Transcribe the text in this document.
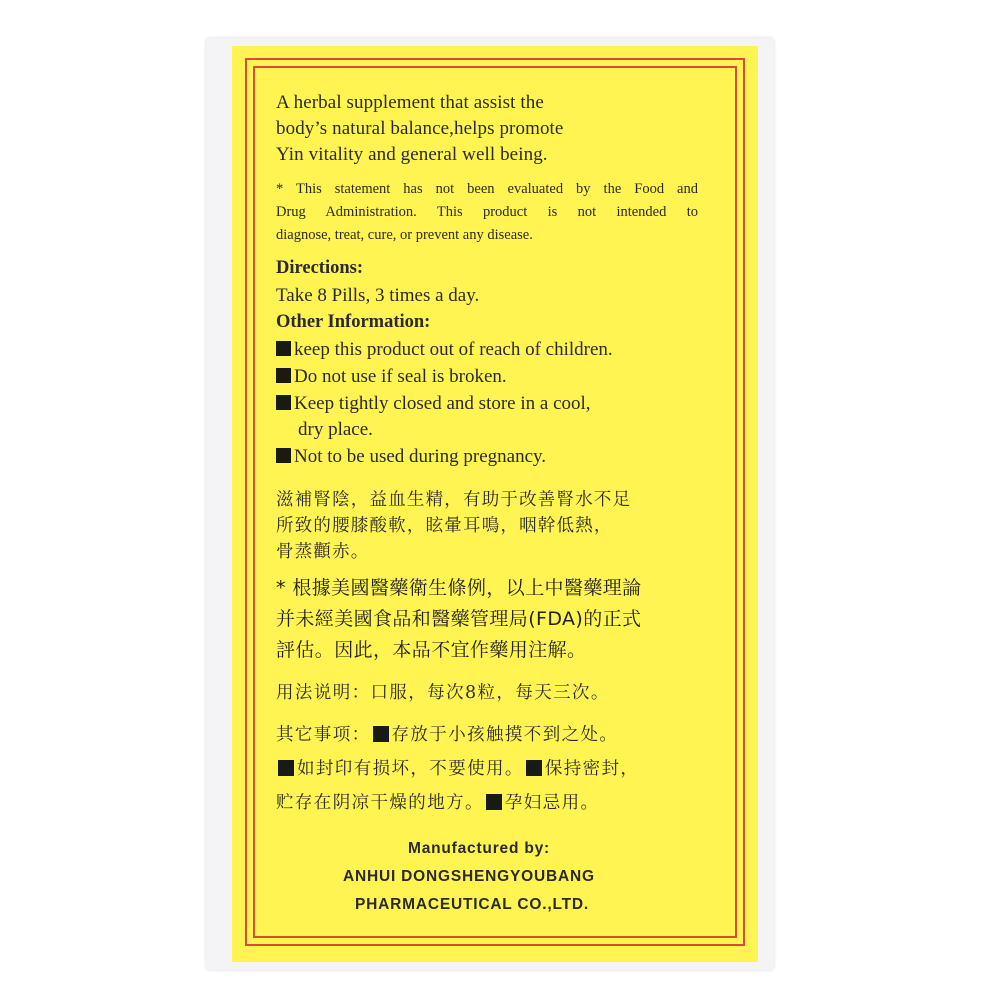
A herbal supplement that assist the
body’s natural balance,helps promote
Yin vitality and general well being.
* This statement has not been evaluated by the Food and
Drug Administration. This product is not intended to
diagnose, treat, cure, or prevent any disease.
Directions:
Take 8 Pills, 3 times a day.
Other Information:
keep this product out of reach of children.
Do not use if seal is broken.
Keep tightly closed and store in a cool,
dry place.
Not to be used during pregnancy.
滋補腎陰，益血生精，有助于改善腎水不足
所致的腰膝酸軟，眩暈耳鳴，咽幹低熱，
骨蒸顴赤。
* 根據美國醫藥衛生條例，以上中醫藥理論
并未經美國食品和醫藥管理局(FDA)的正式
評估。因此，本品不宜作藥用注解。
用法说明：口服，每次8粒，每天三次。
其它事项： 存放于小孩触摸不到之处。
如封印有损坏，不要使用。 保持密封，
贮存在阴凉干燥的地方。 孕妇忌用。
Manufactured by:
ANHUI DONGSHENGYOUBANG
PHARMACEUTICAL CO.,LTD.
